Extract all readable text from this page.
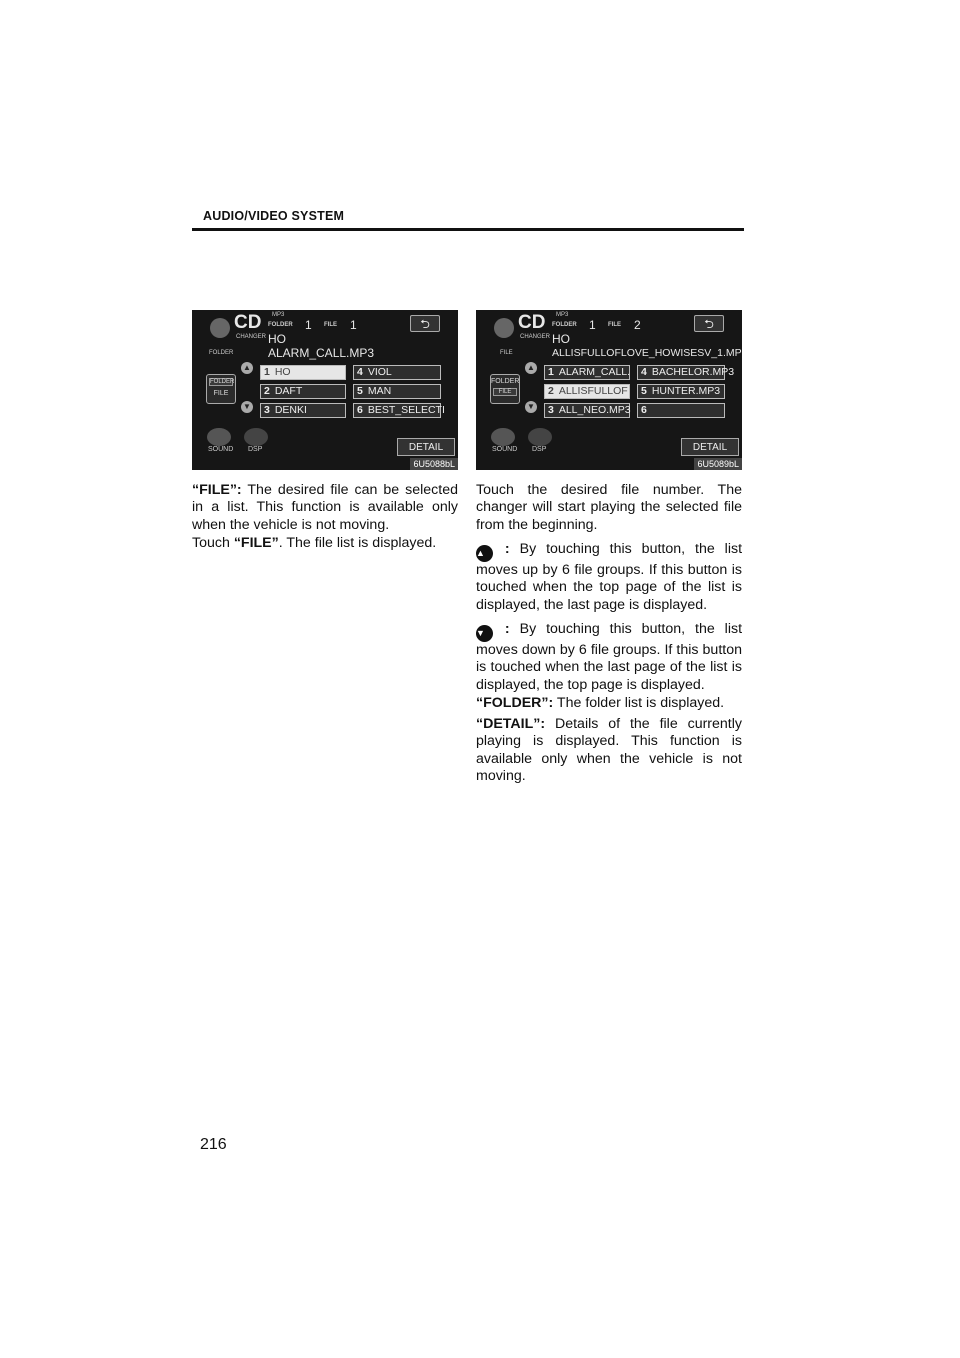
AUDIO/VIDEO SYSTEM
CD
CHANGER
MP3
FOLDER 1 FILE 1	⮌
HO
FOLDER	ALARM_CALL.MP3
▲
▼
FOLDER
FILE
1 HO
2 DAFT
3 DENKI
4 VIOL
5 MAN
6 BEST_SELECTI
SOUND DSP	DETAIL
6U5088bL
CD
CHANGER
MP3
FOLDER 1 FILE 2	⮌
HO
FILE	ALLISFULLOFLOVE_HOWISESV_1.MP
▲
▼
FOLDER
FILE
1 ALARM_CALL.
2 ALLISFULLOF
3 ALL_NEO.MP3
4 BACHELOR.MP3
5 HUNTER.MP3
6
SOUND DSP	DETAIL
6U5089bL
“FILE”: The desired file can be selected in a list. This function is available only when the vehicle is not moving.
Touch “FILE”. The file list is displayed.
Touch the desired file number. The changer will start playing the selected file from the beginning.
▲ : By touching this button, the list moves up by 6 file groups. If this button is touched when the top page of the list is displayed, the last page is displayed.
▼ : By touching this button, the list moves down by 6 file groups. If this button is touched when the last page of the list is displayed, the top page is displayed.
“FOLDER”: The folder list is displayed.
“DETAIL”: Details of the file currently playing is displayed. This function is available only when the vehicle is not moving.
216
